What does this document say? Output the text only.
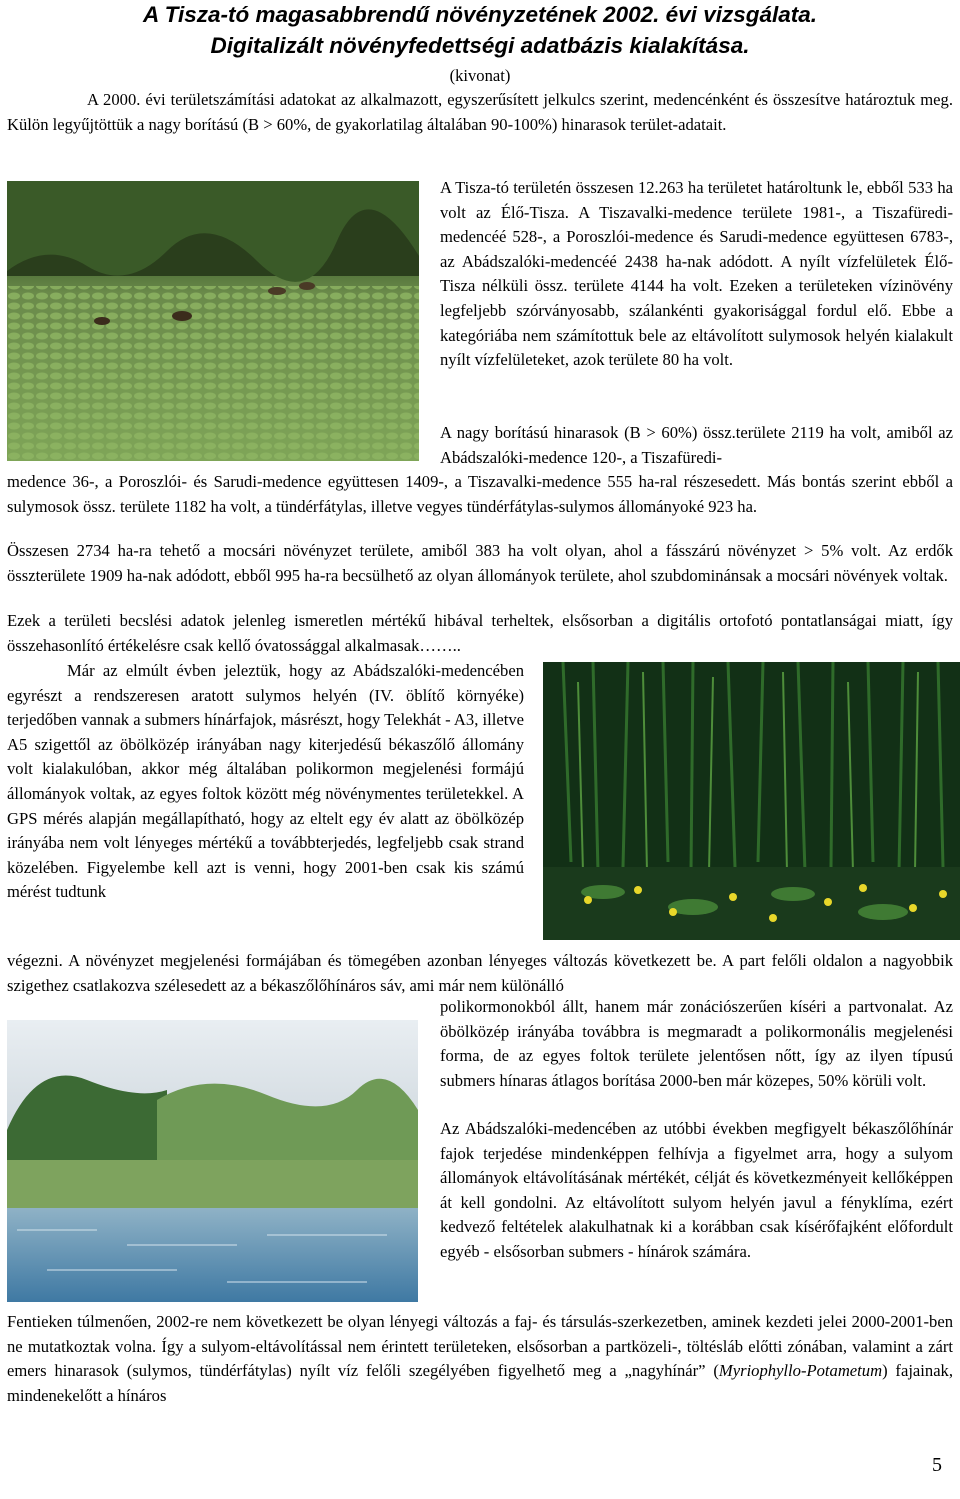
A Tisza-tó magasabbrendű növényzetének 2002. évi vizsgálata.
Digitalizált növényfedettségi adatbázis kialakítása.
(kivonat)
A 2000. évi területszámítási adatokat az alkalmazott, egyszerűsített jelkulcs szerint, medencénként és összesítve határoztuk meg. Külön legyűjtöttük a nagy borítású (B > 60%, de gyakorlatilag általában 90-100%) hinarasok terület-adatait.
A Tisza-tó területén összesen 12.263 ha területet határoltunk le, ebből 533 ha volt az Élő-Tisza. A Tiszavalki-medence területe 1981-, a Tiszafüredi-medencéé 528-, a Poroszlói-medence és Sarudi-medence együttesen 6783-, az Abádszalóki-medencéé 2438 ha-nak adódott. A nyílt vízfelületek Élő-Tisza nélküli össz. területe 4144 ha volt. Ezeken a területeken vízinövény legfeljebb szórványosabb, szálankénti gyakorisággal fordul elő. Ebbe a kategóriába nem számítottuk bele az eltávolított sulymosok helyén kialakult nyílt vízfelületeket, azok területe 80 ha volt.
A nagy borítású hinarasok (B > 60%) össz.területe 2119 ha volt, amiből az Abádszalóki-medence 120-, a Tiszafüredi-
medence 36-, a Poroszlói- és Sarudi-medence együttesen 1409-, a Tiszavalki-medence 555 ha-ral részesedett. Más bontás szerint ebből a sulymosok össz. területe 1182 ha volt, a tündérfátylas, illetve vegyes tündérfátylas-sulymos állományoké 923 ha.
Összesen 2734 ha-ra tehető a mocsári növényzet területe, amiből 383 ha volt olyan, ahol a fásszárú növényzet > 5% volt. Az erdők összterülete 1909 ha-nak adódott, ebből 995 ha-ra becsülhető az olyan állományok területe, ahol szubdominánsak a mocsári növények voltak.
Ezek a területi becslési adatok jelenleg ismeretlen mértékű hibával terheltek, elsősorban a digitális ortofotó pontatlanságai miatt, így összehasonlító értékelésre csak kellő óvatossággal alkalmasak……..
Már az elmúlt évben jeleztük, hogy az Abádszalóki-medencében egyrészt a rendszeresen aratott sulymos helyén (IV. öblítő környéke) terjedőben vannak a submers hínárfajok, másrészt, hogy Telekhát - A3, illetve A5 szigettől az öbölközép irányában nagy kiterjedésű békaszőlő állomány volt kialakulóban, akkor még általában polikormon megjelenési formájú állományok voltak, az egyes foltok között még növénymentes területekkel. A GPS mérés alapján megállapítható, hogy az eltelt egy év alatt az öbölközép irányába nem volt lényeges mértékű a továbbterjedés, legfeljebb csak strand közelében. Figyelembe kell azt is venni, hogy 2001-ben csak kis számú mérést tudtunk
végezni. A növényzet megjelenési formájában és tömegében azonban lényeges változás következett be. A part felőli oldalon a nagyobbik szigethez csatlakozva szélesedett az a békaszőlőhínáros sáv, ami már nem különálló
polikormonokból állt, hanem már zonációszerűen kíséri a partvonalat. Az öbölközép irányába továbbra is megmaradt a polikormonális megjelenési forma, de az egyes foltok területe jelentősen nőtt, így az ilyen típusú submers hínaras átlagos borítása 2000-ben már közepes, 50% körüli volt.
Az Abádszalóki-medencében az utóbbi években megfigyelt békaszőlőhínár fajok terjedése mindenképpen felhívja a figyelmet arra, hogy a sulyom állományok eltávolításának mértékét, célját és következményeit kellőképpen át kell gondolni. Az eltávolított sulyom helyén javul a fényklíma, ezért kedvező feltételek alakulhatnak ki a korábban csak kísérőfajként előfordult egyéb - elsősorban submers - hínárok számára.
Fentieken túlmenően, 2002-re nem következett be olyan lényegi változás a faj- és társulás-szerkezetben, aminek kezdeti jelei 2000-2001-ben ne mutatkoztak volna. Így a sulyom-eltávolítással nem érintett területeken, elsősorban a partközeli-, töltésláb előtti zónában, valamint a zárt emers hinarasok (sulymos, tündérfátylas) nyílt víz felőli szegélyében figyelhető meg a „nagyhínár” (Myriophyllo-Potametum) fajainak, mindenekelőtt a hínáros
5
